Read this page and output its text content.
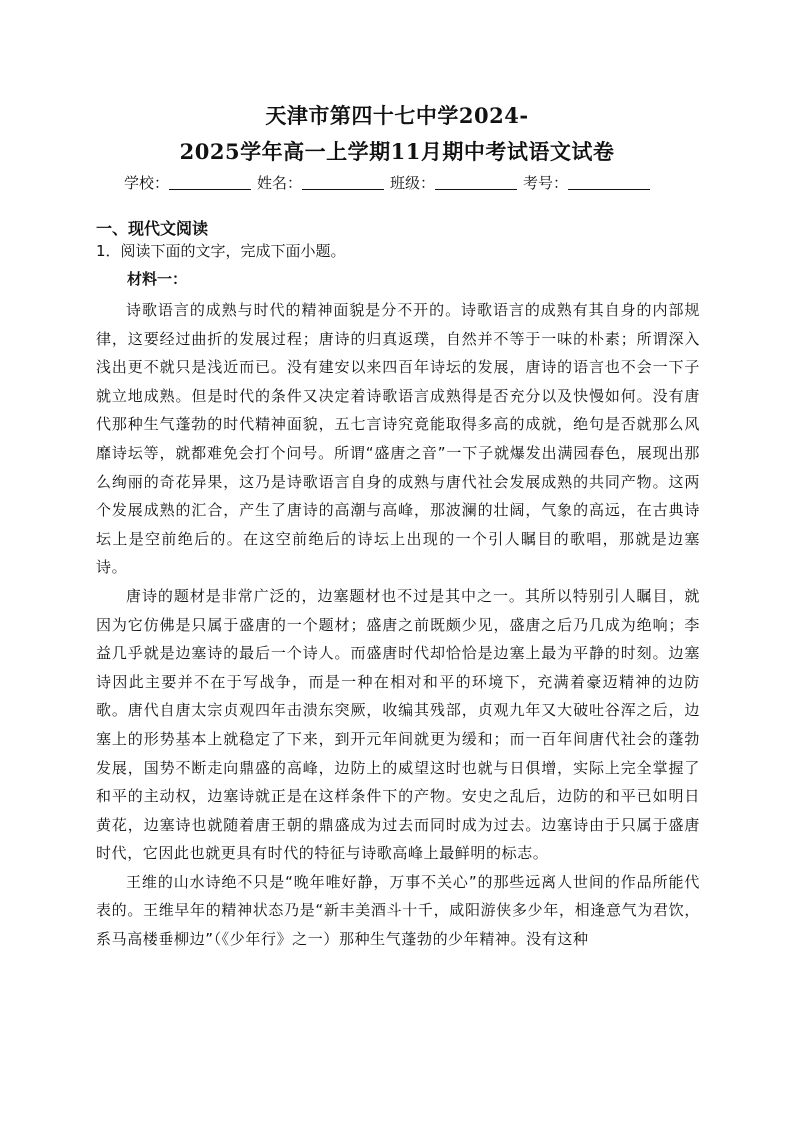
天津市第四十七中学2024-
2025学年高一上学期11月期中考试语文试卷
学校：	姓名：	班级：	考号：
一、现代文阅读
1．阅读下面的文字，完成下面小题。
材料一：

诗歌语言的成熟与时代的精神面貌是分不开的。诗歌语言的成熟有其自身的内部规律，这要经过曲折的发展过程；唐诗的归真返璞，自然并不等于一味的朴素；所谓深入浅出更不就只是浅近而已。没有建安以来四百年诗坛的发展，唐诗的语言也不会一下子就立地成熟。但是时代的条件又决定着诗歌语言成熟得是否充分以及快慢如何。没有唐代那种生气蓬勃的时代精神面貌，五七言诗究竟能取得多高的成就，绝句是否就那么风靡诗坛等，就都难免会打个问号。所谓“盛唐之音”一下子就爆发出满园春色，展现出那么绚丽的奇花异果，这乃是诗歌语言自身的成熟与唐代社会发展成熟的共同产物。这两个发展成熟的汇合，产生了唐诗的高潮与高峰，那波澜的壮阔，气象的高远，在古典诗坛上是空前绝后的。在这空前绝后的诗坛上出现的一个引人瞩目的歌唱，那就是边塞诗。

唐诗的题材是非常广泛的，边塞题材也不过是其中之一。其所以特别引人瞩目，就因为它仿佛是只属于盛唐的一个题材；盛唐之前既颇少见，盛唐之后乃几成为绝响；李益几乎就是边塞诗的最后一个诗人。而盛唐时代却恰恰是边塞上最为平静的时刻。边塞诗因此主要并不在于写战争，而是一种在相对和平的环境下，充满着豪迈精神的边防歌。唐代自唐太宗贞观四年击溃东突厥，收编其残部，贞观九年又大破吐谷浑之后，边塞上的形势基本上就稳定了下来，到开元年间就更为缓和；而一百年间唐代社会的蓬勃发展，国势不断走向鼎盛的高峰，边防上的威望这时也就与日俱增，实际上完全掌握了和平的主动权，边塞诗就正是在这样条件下的产物。安史之乱后，边防的和平已如明日黄花，边塞诗也就随着唐王朝的鼎盛成为过去而同时成为过去。边塞诗由于只属于盛唐时代，它因此也就更具有时代的特征与诗歌高峰上最鲜明的标志。

王维的山水诗绝不只是“晚年唯好静，万事不关心”的那些远离人世间的作品所能代表的。王维早年的精神状态乃是“新丰美酒斗十千，咸阳游侠多少年，相逢意气为君饮，系马高楼垂柳边”（《少年行》之一）那种生气蓬勃的少年精神。没有这种
